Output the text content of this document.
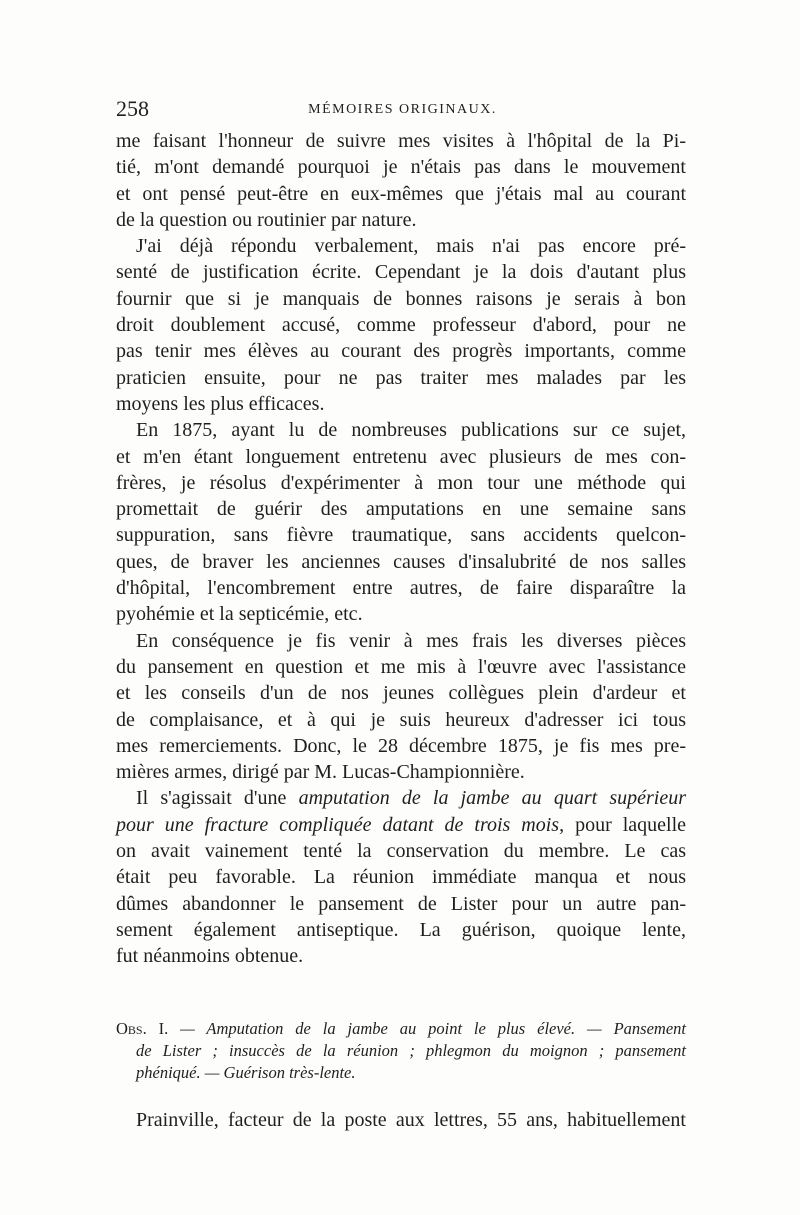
258	MÉMOIRES ORIGINAUX.
me faisant l'honneur de suivre mes visites à l'hôpital de la Pi-
tié, m'ont demandé pourquoi je n'étais pas dans le mouvement
et ont pensé peut-être en eux-mêmes que j'étais mal au courant
de la question ou routinier par nature.
J'ai déjà répondu verbalement, mais n'ai pas encore pré-
senté de justification écrite. Cependant je la dois d'autant plus
fournir que si je manquais de bonnes raisons je serais à bon
droit doublement accusé, comme professeur d'abord, pour ne
pas tenir mes élèves au courant des progrès importants, comme
praticien ensuite, pour ne pas traiter mes malades par les
moyens les plus efficaces.
En 1875, ayant lu de nombreuses publications sur ce sujet,
et m'en étant longuement entretenu avec plusieurs de mes con-
frères, je résolus d'expérimenter à mon tour une méthode qui
promettait de guérir des amputations en une semaine sans
suppuration, sans fièvre traumatique, sans accidents quelcon-
ques, de braver les anciennes causes d'insalubrité de nos salles
d'hôpital, l'encombrement entre autres, de faire disparaître la
pyohémie et la septicémie, etc.
En conséquence je fis venir à mes frais les diverses pièces
du pansement en question et me mis à l'œuvre avec l'assistance
et les conseils d'un de nos jeunes collègues plein d'ardeur et
de complaisance, et à qui je suis heureux d'adresser ici tous
mes remerciements. Donc, le 28 décembre 1875, je fis mes pre-
mières armes, dirigé par M. Lucas-Championnière.
Il s'agissait d'une amputation de la jambe au quart supérieur
pour une fracture compliquée datant de trois mois, pour laquelle
on avait vainement tenté la conservation du membre. Le cas
était peu favorable. La réunion immédiate manqua et nous
dûmes abandonner le pansement de Lister pour un autre pan-
sement également antiseptique. La guérison, quoique lente,
fut néanmoins obtenue.
Obs. I. — Amputation de la jambe au point le plus élevé. — Pansement
de Lister ; insuccès de la réunion ; phlegmon du moignon ; pansement
phéniqué. — Guérison très-lente.
Prainville, facteur de la poste aux lettres, 55 ans, habituellement
